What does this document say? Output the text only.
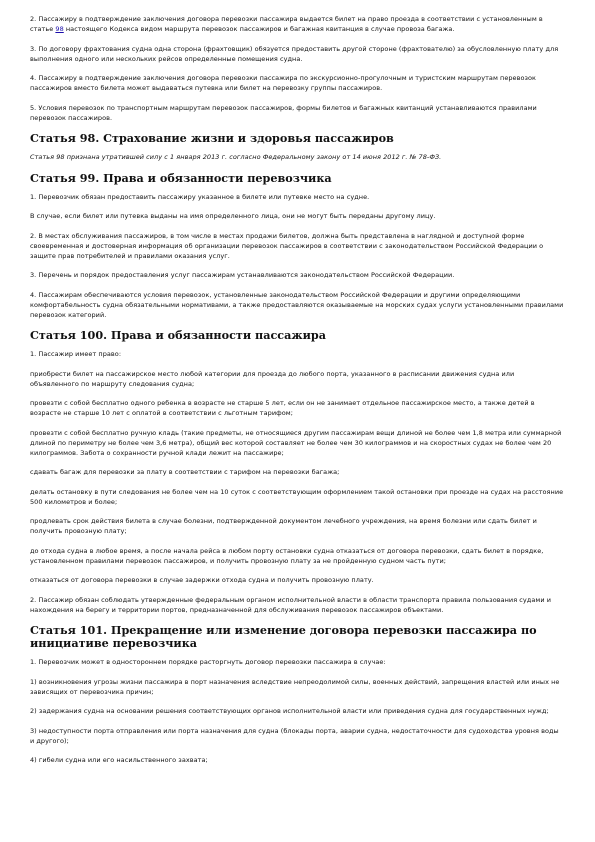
2. Пассажиру в подтверждение заключения договора перевозки пассажира выдается билет на право проезда в соответствии с установленным в статье 98 настоящего Кодекса видом маршрута перевозок пассажиров и багажная квитанция в случае провоза багажа.

3. По договору фрахтования судна одна сторона (фрахтовщик) обязуется предоставить другой стороне (фрахтователю) за обусловленную плату для выполнения одного или нескольких рейсов определенные помещения судна.

4. Пассажиру в подтверждение заключения договора перевозки пассажира по экскурсионно-прогулочным и туристским маршрутам перевозок пассажиров вместо билета может выдаваться путевка или билет на перевозку группы пассажиров.

5. Условия перевозок по транспортным маршрутам перевозок пассажиров, формы билетов и багажных квитанций устанавливаются правилами перевозок пассажиров.

Статья 98. Страхование жизни и здоровья пассажиров

Статья 98 признана утратившей силу с 1 января 2013 г. согласно Федеральному закону от 14 июня 2012 г. № 78-ФЗ.

Статья 99. Права и обязанности перевозчика

1. Перевозчик обязан предоставить пассажиру указанное в билете или путевке место на судне.

В случае, если билет или путевка выданы на имя определенного лица, они не могут быть переданы другому лицу.

2. В местах обслуживания пассажиров, в том числе в местах продажи билетов, должна быть представлена в наглядной и доступной форме своевременная и достоверная информация об организации перевозок пассажиров в соответствии с законодательством Российской Федерации о защите прав потребителей и правилами оказания услуг.

3. Перечень и порядок предоставления услуг пассажирам устанавливаются законодательством Российской Федерации.

4. Пассажирам обеспечиваются условия перевозок, установленные законодательством Российской Федерации и другими определяющими комфортабельность судна обязательными нормативами, а также предоставляются оказываемые на морских судах услуги установленными правилами перевозок категорий.

Статья 100. Права и обязанности пассажира

1. Пассажир имеет право:

приобрести билет на пассажирское место любой категории для проезда до любого порта, указанного в расписании движения судна или объявленного по маршруту следования судна;

провезти с собой бесплатно одного ребенка в возрасте не старше 5 лет, если он не занимает отдельное пассажирское место, а также детей в возрасте не старше 10 лет с оплатой в соответствии с льготным тарифом;

провезти с собой бесплатно ручную кладь (такие предметы, не относящиеся другим пассажирам вещи длиной не более чем 1,8 метра или суммарной длиной по периметру не более чем 3,6 метра), общий вес которой составляет не более чем 30 килограммов и на скоростных судах не более чем 20 килограммов. Забота о сохранности ручной клади лежит на пассажире;

сдавать багаж для перевозки за плату в соответствии с тарифом на перевозки багажа;

делать остановку в пути следования не более чем на 10 суток с соответствующим оформлением такой остановки при проезде на судах на расстояние 500 километров и более;

продлевать срок действия билета в случае болезни, подтвержденной документом лечебного учреждения, на время болезни или сдать билет и получить провозную плату;

до отхода судна в любое время, а после начала рейса в любом порту остановки судна отказаться от договора перевозки, сдать билет в порядке, установленном правилами перевозок пассажиров, и получить провозную плату за не пройденную судном часть пути;

отказаться от договора перевозки в случае задержки отхода судна и получить провозную плату.

2. Пассажир обязан соблюдать утвержденные федеральным органом исполнительной власти в области транспорта правила пользования судами и нахождения на берегу и территории портов, предназначенной для обслуживания перевозок пассажиров объектами.

Статья 101. Прекращение или изменение договора перевозки пассажира по инициативе перевозчика

1. Перевозчик может в одностороннем порядке расторгнуть договор перевозки пассажира в случае:

1) возникновения угрозы жизни пассажира в порт назначения вследствие непреодолимой силы, военных действий, запрещения властей или иных не зависящих от перевозчика причин;

2) задержания судна на основании решения соответствующих органов исполнительной власти или приведения судна для государственных нужд;

3) недоступности порта отправления или порта назначения для судна (блокады порта, аварии судна, недостаточности для судоходства уровня воды и другого);

4) гибели судна или его насильственного захвата;
